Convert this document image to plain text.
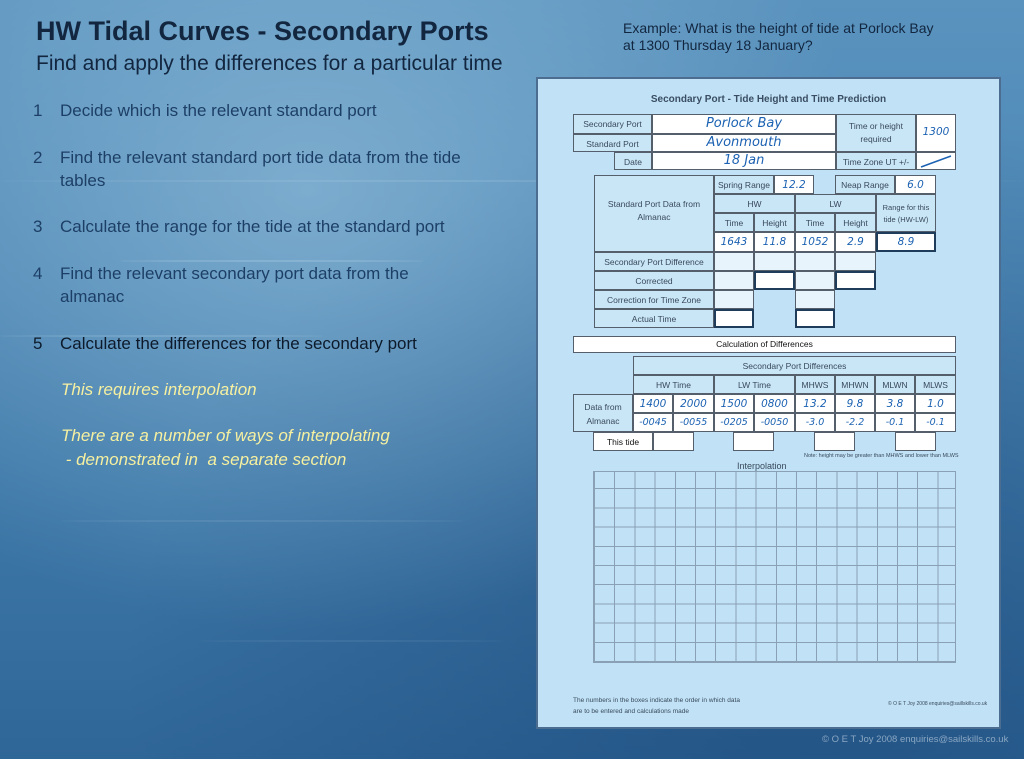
HW Tidal Curves - Secondary Ports
Find and apply the differences for a particular time
Example: What is the height of tide at Porlock Bay
at 1300 Thursday 18 January?
1 Decide which is the relevant standard port
2 Find the relevant standard port tide data from the tide
tables
3 Calculate the range for the tide at the standard port
4 Find the relevant secondary port data from the
almanac
5 Calculate the differences for the secondary port
This requires interpolation
There are a number of ways of interpolating
- demonstrated in  a separate section
Secondary Port - Tide Height and Time Prediction
Secondary Port	Porlock Bay
Standard Port	Avonmouth
Date	18 Jan
Time or height required
1300
Time Zone UT +/-
Standard Port Data from Almanac
Spring Range	12.2	Neap Range	6.0
HW	LW	Range for this tide (HW-LW)
Time	Height	Time	Height
1643	11.8	1052	2.9	8.9
Secondary Port Difference
Corrected
Correction for Time Zone
Actual Time
Calculation of Differences
Secondary Port Differences
HW Time	LW Time	MHWS	MHWN	MLWN	MLWS
Data from Almanac
1400	2000	1500	0800	13.2	9.8	3.8	1.0
-0045	-0055	-0205	-0050	-3.0	-2.2	-0.1	-0.1
This tide
Note: height may be greater than MHWS and lower than MLWS
Interpolation
The numbers in the boxes indicate the order in which data
are to be entered and calculations made
© O E T Joy 2008 enquiries@saillskills.co.uk
© O E T Joy 2008 enquiries@sailskills.co.uk
